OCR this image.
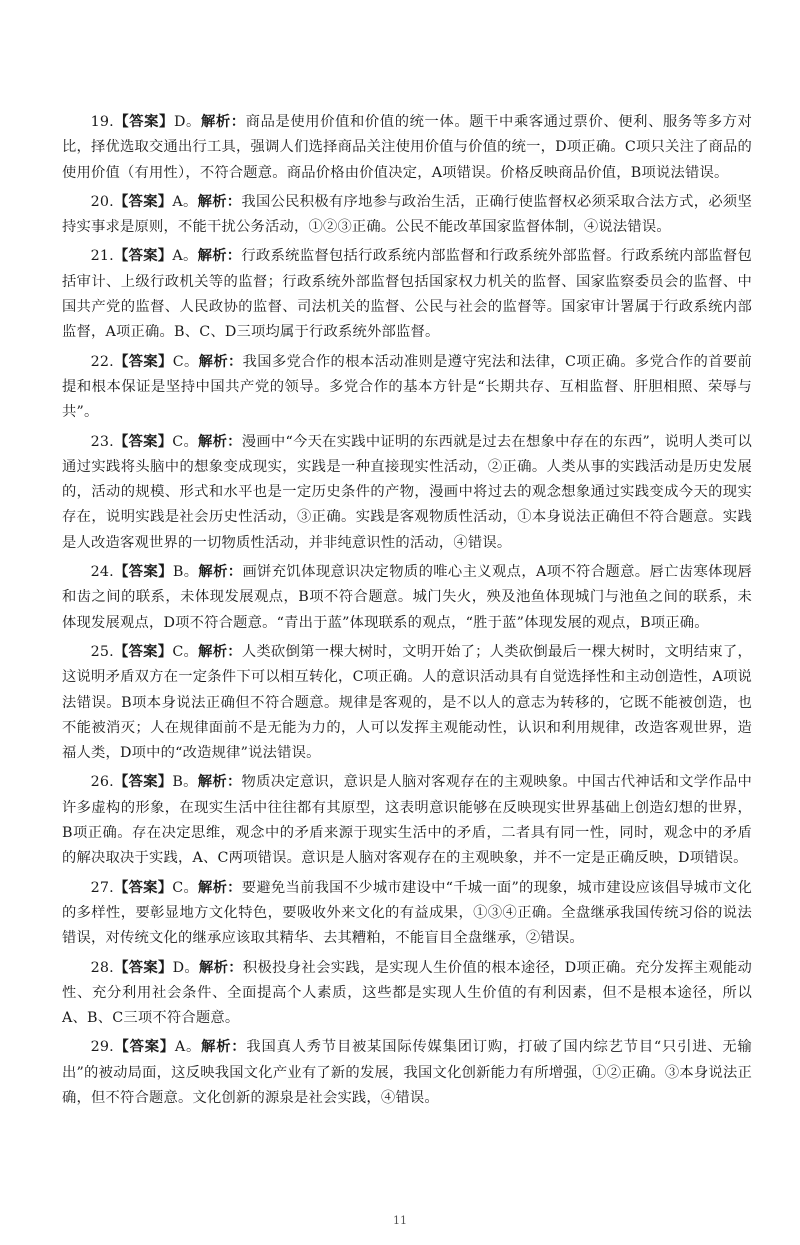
19.【答案】D。解析：商品是使用价值和价值的统一体。题干中乘客通过票价、便利、服务等多方对比，择优选取交通出行工具，强调人们选择商品关注使用价值与价值的统一，D项正确。C项只关注了商品的使用价值（有用性），不符合题意。商品价格由价值决定，A项错误。价格反映商品价值，B项说法错误。

20.【答案】A。解析：我国公民积极有序地参与政治生活，正确行使监督权必须采取合法方式，必须坚持实事求是原则，不能干扰公务活动，①②③正确。公民不能改革国家监督体制，④说法错误。

21.【答案】A。解析：行政系统监督包括行政系统内部监督和行政系统外部监督。行政系统内部监督包括审计、上级行政机关等的监督；行政系统外部监督包括国家权力机关的监督、国家监察委员会的监督、中国共产党的监督、人民政协的监督、司法机关的监督、公民与社会的监督等。国家审计署属于行政系统内部监督，A项正确。B、C、D三项均属于行政系统外部监督。

22.【答案】C。解析：我国多党合作的根本活动准则是遵守宪法和法律，C项正确。多党合作的首要前提和根本保证是坚持中国共产党的领导。多党合作的基本方针是“长期共存、互相监督、肝胆相照、荣辱与共”。

23.【答案】C。解析：漫画中“今天在实践中证明的东西就是过去在想象中存在的东西”，说明人类可以通过实践将头脑中的想象变成现实，实践是一种直接现实性活动，②正确。人类从事的实践活动是历史发展的，活动的规模、形式和水平也是一定历史条件的产物，漫画中将过去的观念想象通过实践变成今天的现实存在，说明实践是社会历史性活动，③正确。实践是客观物质性活动，①本身说法正确但不符合题意。实践是人改造客观世界的一切物质性活动，并非纯意识性的活动，④错误。

24.【答案】B。解析：画饼充饥体现意识决定物质的唯心主义观点，A项不符合题意。唇亡齿寒体现唇和齿之间的联系，未体现发展观点，B项不符合题意。城门失火，殃及池鱼体现城门与池鱼之间的联系，未体现发展观点，D项不符合题意。“青出于蓝”体现联系的观点，“胜于蓝”体现发展的观点，B项正确。

25.【答案】C。解析：人类砍倒第一棵大树时，文明开始了；人类砍倒最后一棵大树时，文明结束了，这说明矛盾双方在一定条件下可以相互转化，C项正确。人的意识活动具有自觉选择性和主动创造性，A项说法错误。B项本身说法正确但不符合题意。规律是客观的，是不以人的意志为转移的，它既不能被创造，也不能被消灭；人在规律面前不是无能为力的，人可以发挥主观能动性，认识和利用规律，改造客观世界，造福人类，D项中的“改造规律”说法错误。

26.【答案】B。解析：物质决定意识，意识是人脑对客观存在的主观映象。中国古代神话和文学作品中许多虚构的形象，在现实生活中往往都有其原型，这表明意识能够在反映现实世界基础上创造幻想的世界，B项正确。存在决定思维，观念中的矛盾来源于现实生活中的矛盾，二者具有同一性，同时，观念中的矛盾的解决取决于实践，A、C两项错误。意识是人脑对客观存在的主观映象，并不一定是正确反映，D项错误。

27.【答案】C。解析：要避免当前我国不少城市建设中“千城一面”的现象，城市建设应该倡导城市文化的多样性，要彰显地方文化特色，要吸收外来文化的有益成果，①③④正确。全盘继承我国传统习俗的说法错误，对传统文化的继承应该取其精华、去其糟粕，不能盲目全盘继承，②错误。

28.【答案】D。解析：积极投身社会实践，是实现人生价值的根本途径，D项正确。充分发挥主观能动性、充分利用社会条件、全面提高个人素质，这些都是实现人生价值的有利因素，但不是根本途径，所以A、B、C三项不符合题意。

29.【答案】A。解析：我国真人秀节目被某国际传媒集团订购，打破了国内综艺节目“只引进、无输出”的被动局面，这反映我国文化产业有了新的发展，我国文化创新能力有所增强，①②正确。③本身说法正确，但不符合题意。文化创新的源泉是社会实践，④错误。

11
